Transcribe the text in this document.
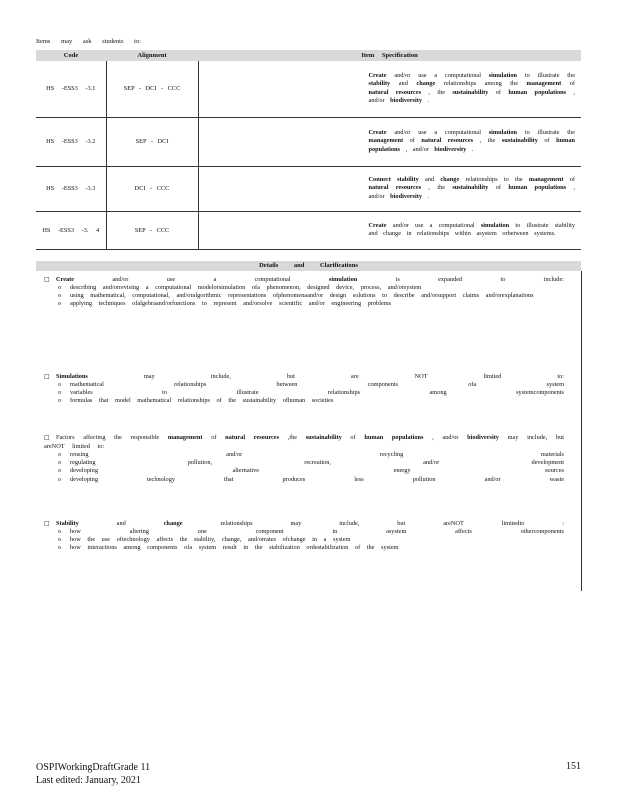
Items may ask students to:
Code	Alignment	Item Specification
HS -ESS3 -3.1	SEP - DCI - CCC	Create and/or use a computational simulation to illustrate the stability and change relationships among the management of natural resources , the sustainability of human populations , and/or biodiversity .
HS -ESS3 -3.2	SEP - DCI	Create and/or use a computational simulation to illustrate the management of natural resources , the sustainability of human populations , and/or biodiversity .
HS -ESS3 -3.3	DCI - CCC	Connect stability and change relationships to the management of natural resources , the sustainability of human populations , and/or biodiversity .
HS -ESS3 -3. 4	SEP - CCC	Create and/or use a computational simulation to illustrate stability and change in relationships within asystem orbetween systems.
Details and Clarifications
□ Create and/or use a computational simulation is expanded to include:
o describing and/orrevising a computational modelorsimulation ofa phenomenon, designed device, process, and/orsystem
o using mathematical, computational, and/oralgorithmic representations ofphenomenaand/or design solutions to describe and/orsupport claims and/orexplanations
o applying techniques ofalgebraand/orfunctions to represent and/orsolve scientific and/or engineering problems
□ Simulations may include, but are NOT limited to:
o mathematical relationships between components ofa system
o variables to illustrate relationships among systemcomponents
o formulas that model mathematical relationships of the sustainability ofhuman societies
□ Factors affecting the responsible management of natural resources ,the sustainability of human populations , and/or biodiversity may include, but areNOT limited to:
o reusing and/or recycling materials
o regulating pollution, recreation, and/or development
o developing alternative energy sources
o developing technology that produces less pollution and/or waste
□ Stability and change relationships may include, but areNOT limitedto :
o how altering one component in asystem affects othercomponents
o how the use oftechnology affects the stability, change, and/orrates ofchange in a system
o how interactions among components ofa system result in the stabilization ordestabilization of the system
OSPIWorkingDraftGrade 11
Last edited: January, 2021
151
